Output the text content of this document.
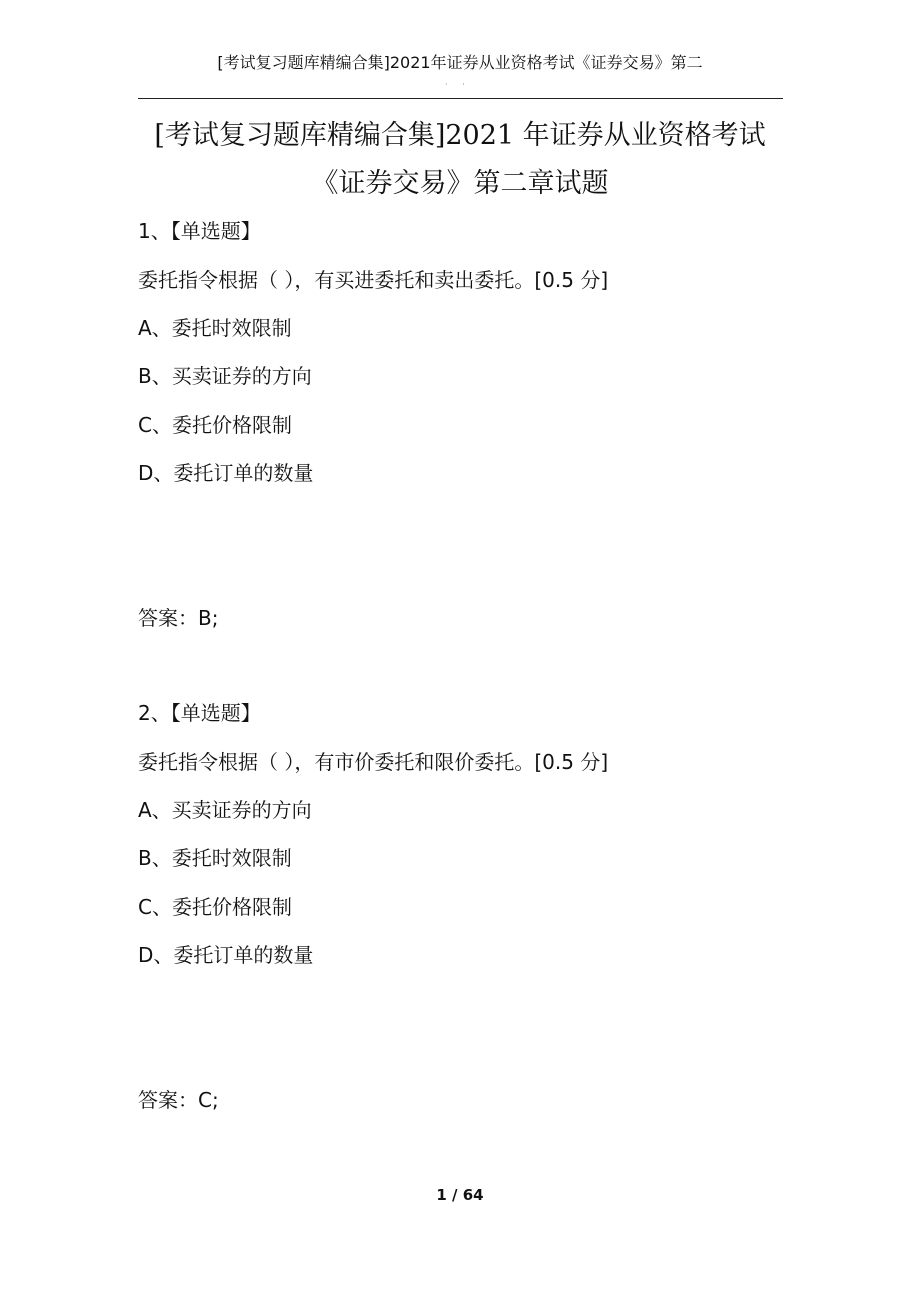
[考试复习题库精编合集]2021年证券从业资格考试《证券交易》第二
· ·
[考试复习题库精编合集]2021 年证券从业资格考试
《证券交易》第二章试题
1、【单选题】
委托指令根据（ ），有买进委托和卖出委托。[0.5 分]
A、委托时效限制
B、买卖证券的方向
C、委托价格限制
D、委托订单的数量
答案：B;
2、【单选题】
委托指令根据（ ），有市价委托和限价委托。[0.5 分]
A、买卖证券的方向
B、委托时效限制
C、委托价格限制
D、委托订单的数量
答案：C;
1 / 64
